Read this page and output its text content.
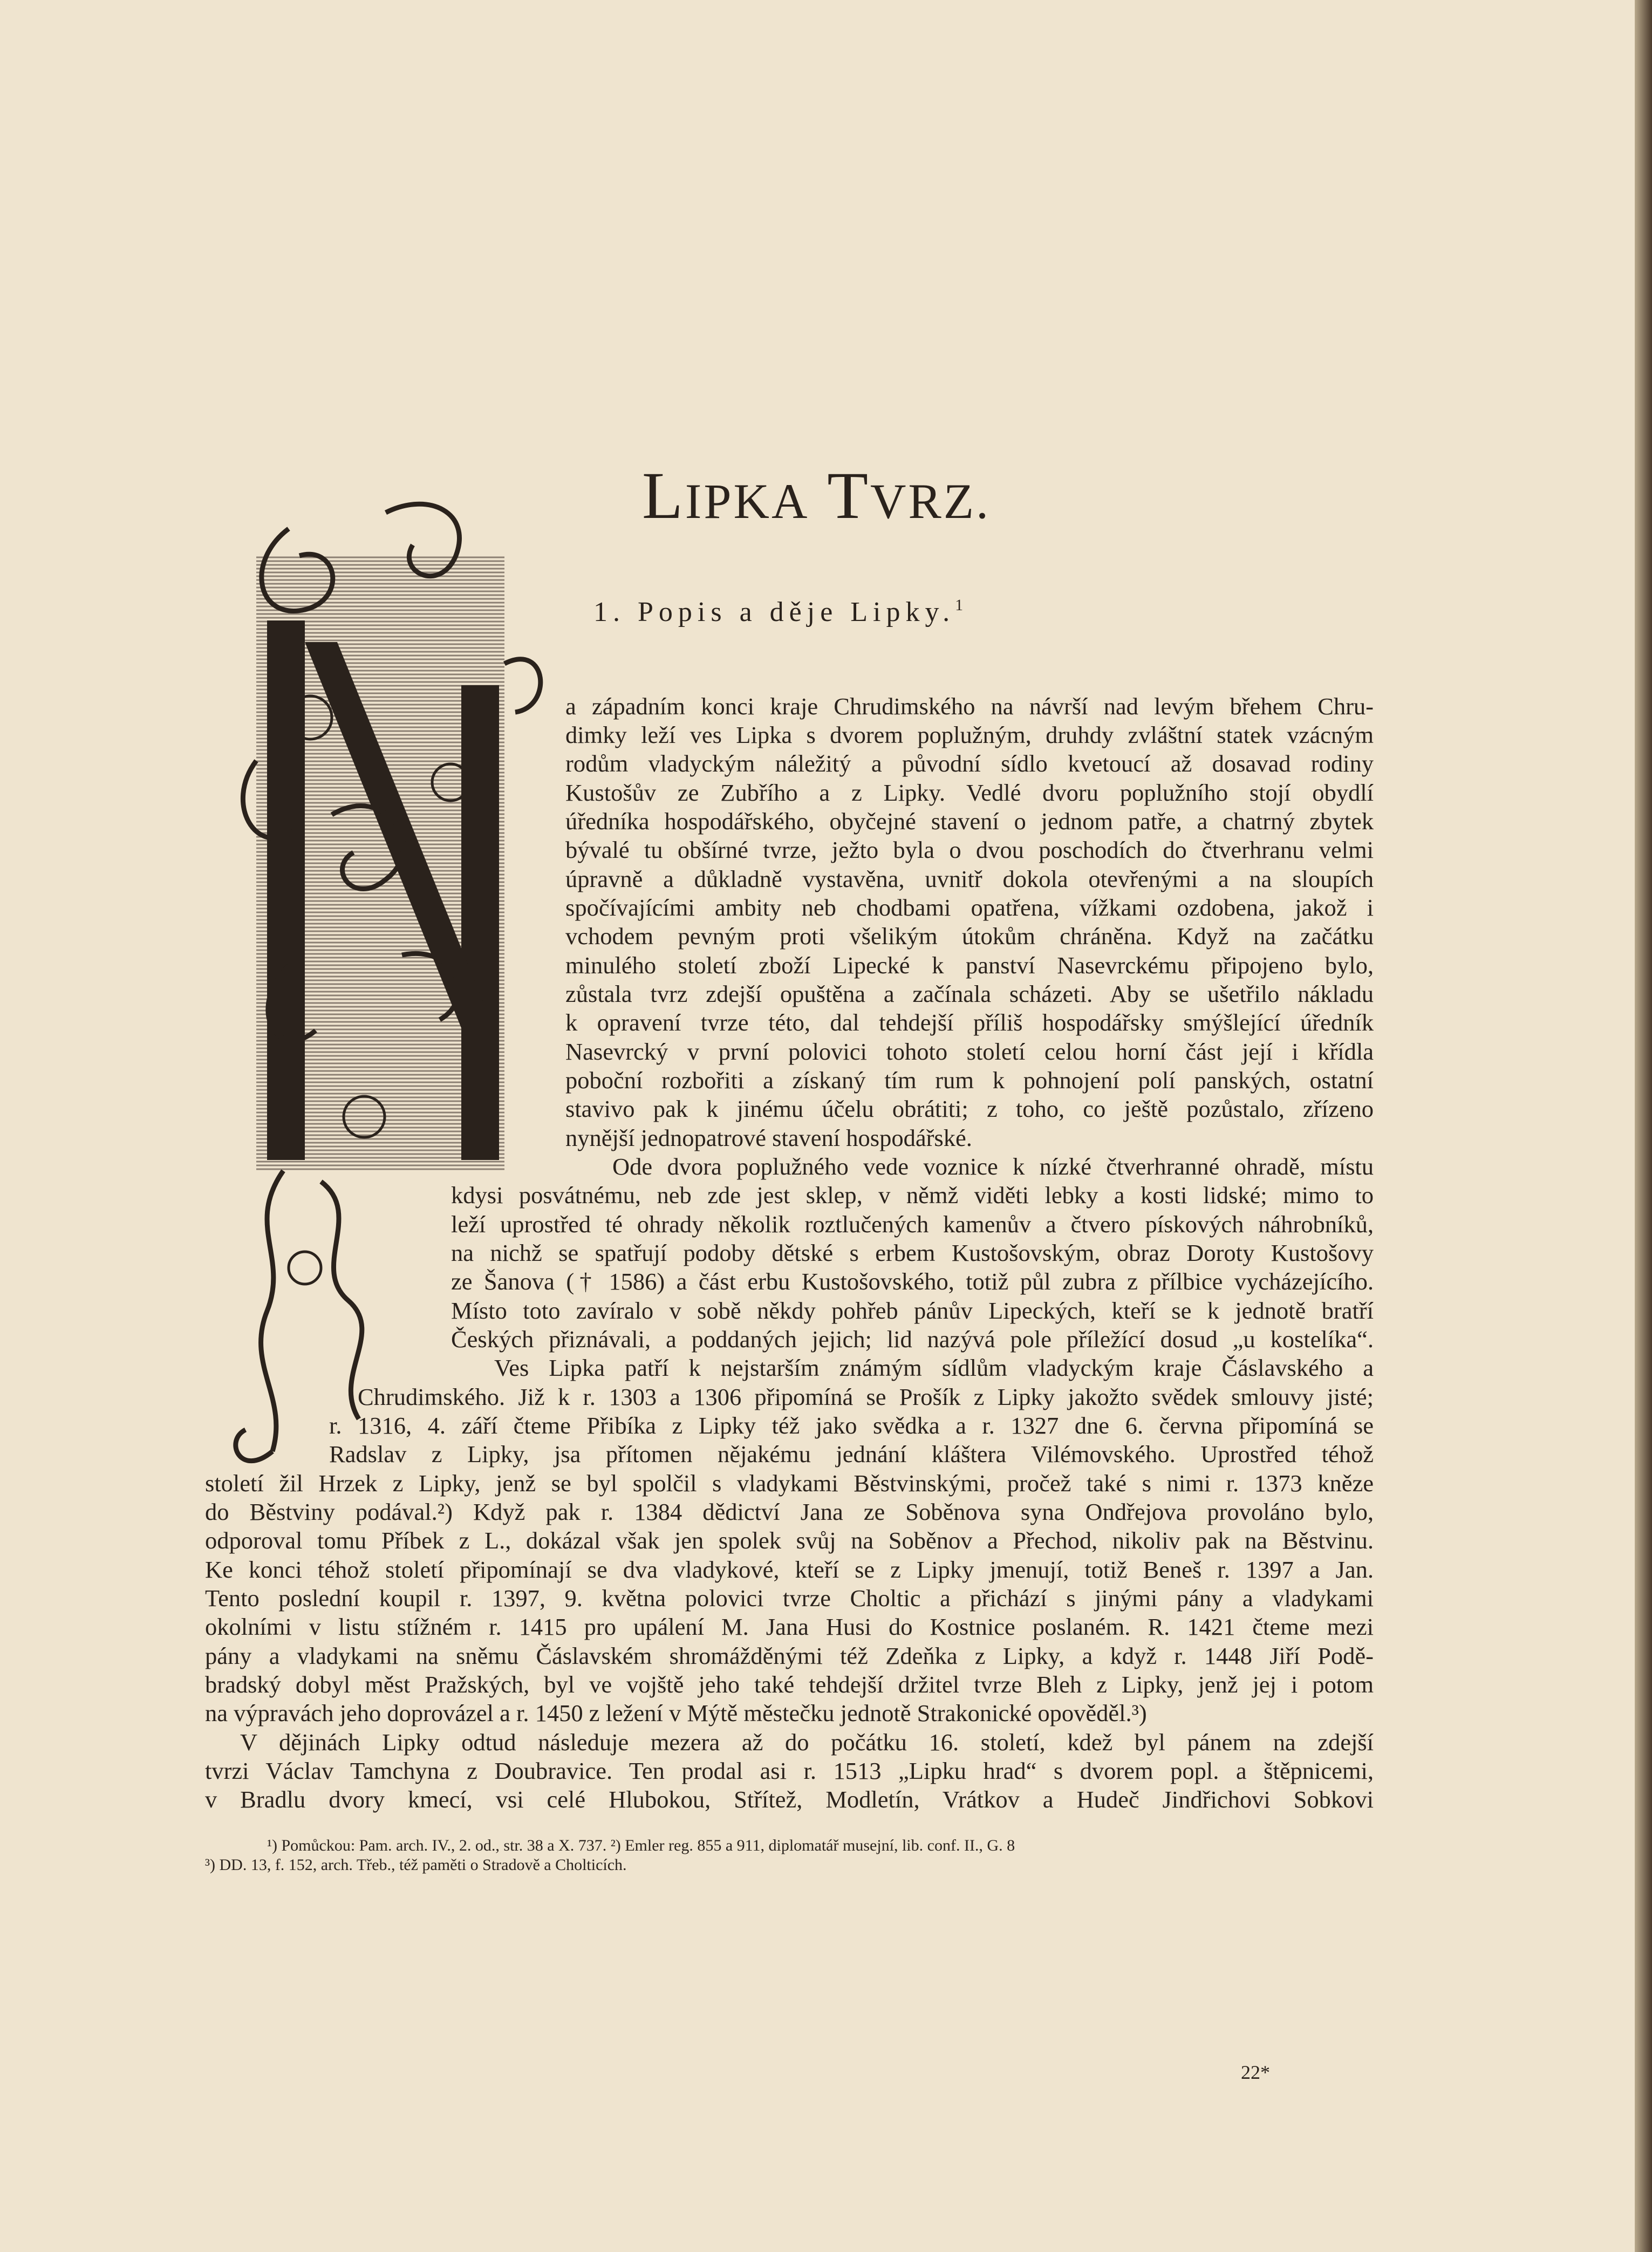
LIPKA TVRZ.
1. Popis a děje Lipky.$^1$
a západním konci kraje Chrudimského na návrší nad levým břehem Chru-
dimky leží ves Lipka s dvorem poplužným, druhdy zvláštní statek vzácným
rodům vladyckým náležitý a původní sídlo kvetoucí až dosavad rodiny
Kustošův ze Zubřího a z Lipky. Vedlé dvoru poplužního stojí obydlí
úředníka hospodářského, obyčejné stavení o jednom patře, a chatrný zbytek
bývalé tu obšírné tvrze, ježto byla o dvou poschodích do čtverhranu velmi
úpravně a důkladně vystavěna, uvnitř dokola otevřenými a na sloupích
spočívajícími ambity neb chodbami opatřena, vížkami ozdobena, jakož i
vchodem pevným proti všelikým útokům chráněna. Když na začátku
minulého století zboží Lipecké k panství Nasevrckému připojeno bylo,
zůstala tvrz zdejší opuštěna a začínala scházeti. Aby se ušetřilo nákladu
k opravení tvrze této, dal tehdejší příliš hospodářsky smýšlející úředník
Nasevrcký v první polovici tohoto století celou horní část její i křídla
poboční rozbořiti a získaný tím rum k pohnojení polí panských, ostatní
stavivo pak k jinému účelu obrátiti; z toho, co ještě pozůstalo, zřízeno
nynější jednopatrové stavení hospodářské.
Ode dvora poplužného vede voznice k nízké čtverhranné ohradě, místu
kdysi posvátnému, neb zde jest sklep, v němž viděti lebky a kosti lidské; mimo to
leží uprostřed té ohrady několik roztlučených kamenův a čtvero pískových náhrobníků,
na nichž se spatřují podoby dětské s erbem Kustošovským, obraz Doroty Kustošovy
ze Šanova († 1586) a část erbu Kustošovského, totiž půl zubra z přílbice vycházejícího.
Místo toto zavíralo v sobě někdy pohřeb pánův Lipeckých, kteří se k jednotě bratří
Českých přiznávali, a poddaných jejich; lid nazývá pole příležící dosud „u kostelíka“.
Ves Lipka patří k nejstarším známým sídlům vladyckým kraje Čáslavského a
Chrudimského. Již k r. 1303 a 1306 připomíná se Prošík z Lipky jakožto svědek smlouvy jisté;
r. 1316, 4. září čteme Přibíka z Lipky též jako svědka a r. 1327 dne 6. června připomíná se
Radslav z Lipky, jsa přítomen nějakému jednání kláštera Vilémovského. Uprostřed téhož
století žil Hrzek z Lipky, jenž se byl spolčil s vladykami Běstvinskými, pročež také s nimi r. 1373 kněze
do Běstviny podával.²) Když pak r. 1384 dědictví Jana ze Soběnova syna Ondřejova provoláno bylo,
odporoval tomu Příbek z L., dokázal však jen spolek svůj na Soběnov a Přechod, nikoliv pak na Běstvinu.
Ke konci téhož století připomínají se dva vladykové, kteří se z Lipky jmenují, totiž Beneš r. 1397 a Jan.
Tento poslední koupil r. 1397, 9. května polovici tvrze Choltic a přichází s jinými pány a vladykami
okolními v listu stížném r. 1415 pro upálení M. Jana Husi do Kostnice poslaném. R. 1421 čteme mezi
pány a vladykami na sněmu Čáslavském shromážděnými též Zdeňka z Lipky, a když r. 1448 Jiří Podě-
bradský dobyl měst Pražských, byl ve vojště jeho také tehdejší držitel tvrze Bleh z Lipky, jenž jej i potom
na výpravách jeho doprovázel a r. 1450 z ležení v Mýtě městečku jednotě Strakonické opověděl.³)
V dějinách Lipky odtud následuje mezera až do počátku 16. století, kdež byl pánem na zdejší
tvrzi Václav Tamchyna z Doubravice. Ten prodal asi r. 1513 „Lipku hrad“ s dvorem popl. a štěpnicemi,
v Bradlu dvory kmecí, vsi celé Hlubokou, Střítež, Modletín, Vrátkov a Hudeč Jindřichovi Sobkovi
¹) Pomůckou: Pam. arch. IV., 2. od., str. 38 a X. 737. ²) Emler reg. 855 a 911, diplomatář musejní, lib. conf. II., G. 8
³) DD. 13, f. 152, arch. Třeb., též paměti o Stradově a Cholticích.
22*
